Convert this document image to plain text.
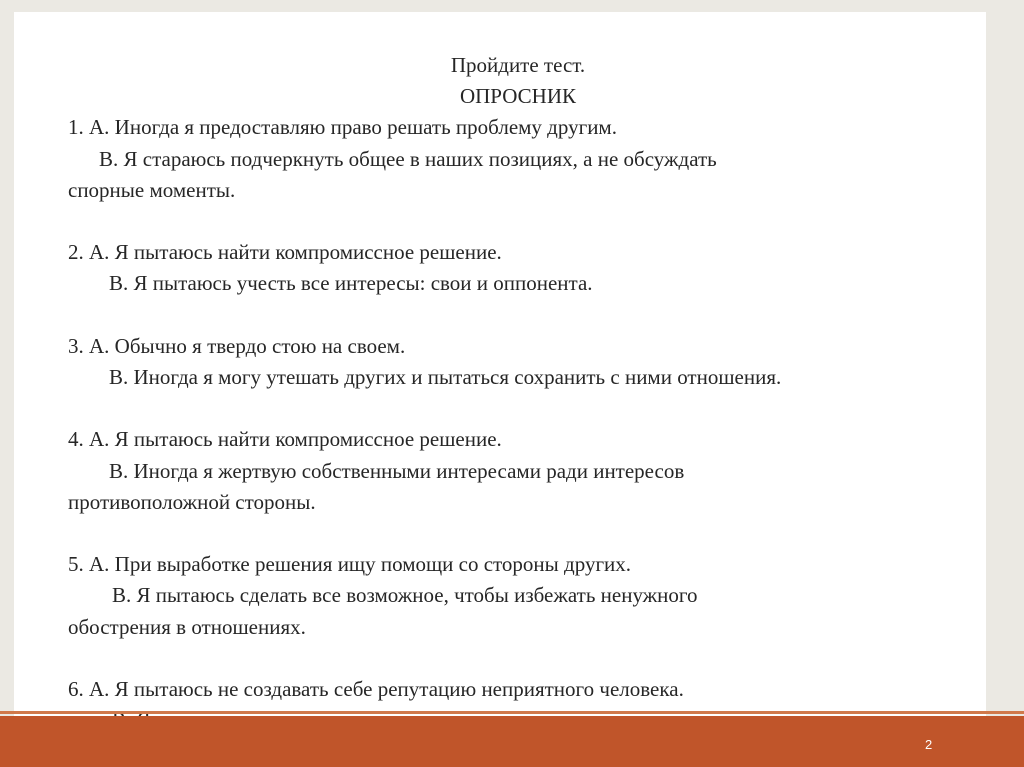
Пройдите тест.
ОПРОСНИК
1. А. Иногда я предоставляю право решать проблему другим.
В. Я стараюсь подчеркнуть общее в наших позициях, а не обсуждать
спорные моменты.
2. А. Я пытаюсь найти компромиссное решение.
В. Я пытаюсь учесть все интересы: свои и оппонента.
3. А. Обычно я твердо стою на своем.
В. Иногда я могу утешать других и пытаться сохранить с ними отношения.
4. А. Я пытаюсь найти компромиссное решение.
В. Иногда я жертвую собственными интересами ради интересов
противоположной стороны.
5. А. При выработке решения ищу помощи со стороны других.
В. Я пытаюсь сделать все возможное, чтобы избежать ненужного
обострения в отношениях.
6. А. Я пытаюсь не создавать себе репутацию неприятного человека.
2
